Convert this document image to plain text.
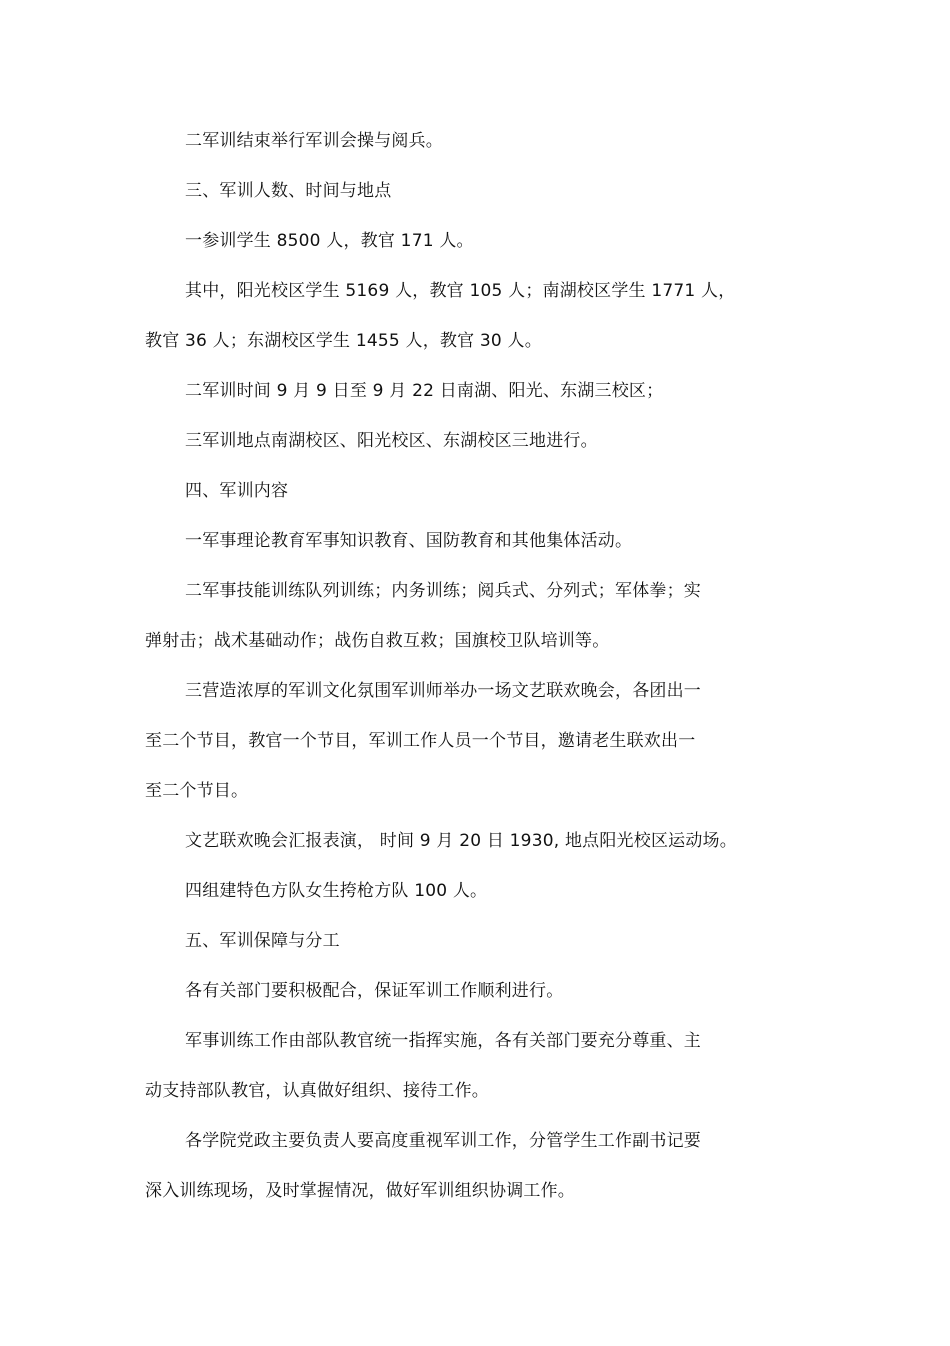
二军训结束举行军训会操与阅兵。
三、军训人数、时间与地点
一参训学生 8500 人，教官 171 人。
其中，阳光校区学生 5169 人，教官 105 人；南湖校区学生 1771 人，
教官 36 人；东湖校区学生 1455 人，教官 30 人。
二军训时间 9 月 9 日至 9 月 22 日南湖、阳光、东湖三校区；
三军训地点南湖校区、阳光校区、东湖校区三地进行。
四、军训内容
一军事理论教育军事知识教育、国防教育和其他集体活动。
二军事技能训练队列训练；内务训练；阅兵式、分列式；军体拳；实
弹射击；战术基础动作；战伤自救互救；国旗校卫队培训等。
三营造浓厚的军训文化氛围军训师举办一场文艺联欢晚会，各团出一
至二个节目，教官一个节目，军训工作人员一个节目，邀请老生联欢出一
至二个节目。
文艺联欢晚会汇报表演， 时间 9 月 20 日 1930, 地点阳光校区运动场。
四组建特色方队女生挎枪方队 100 人。
五、军训保障与分工
各有关部门要积极配合，保证军训工作顺利进行。
军事训练工作由部队教官统一指挥实施，各有关部门要充分尊重、主
动支持部队教官，认真做好组织、接待工作。
各学院党政主要负责人要高度重视军训工作，分管学生工作副书记要
深入训练现场，及时掌握情况，做好军训组织协调工作。
